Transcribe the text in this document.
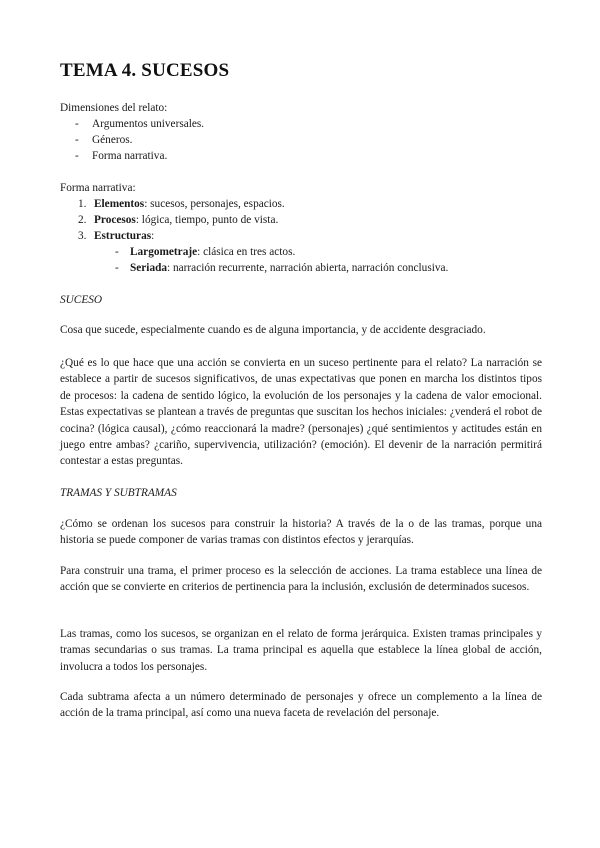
TEMA 4. SUCESOS
Dimensiones del relato:
- Argumentos universales.
- Géneros.
- Forma narrativa.
Forma narrativa:
1. Elementos: sucesos, personajes, espacios.
2. Procesos: lógica, tiempo, punto de vista.
3. Estructuras:
- Largometraje: clásica en tres actos.
- Seriada: narración recurrente, narración abierta, narración conclusiva.
SUCESO
Cosa que sucede, especialmente cuando es de alguna importancia, y de accidente desgraciado.
¿Qué es lo que hace que una acción se convierta en un suceso pertinente para el relato? La narración se establece a partir de sucesos significativos, de unas expectativas que ponen en marcha los distintos tipos de procesos: la cadena de sentido lógico, la evolución de los personajes y la cadena de valor emocional. Estas expectativas se plantean a través de preguntas que suscitan los hechos iniciales: ¿venderá el robot de cocina? (lógica causal), ¿cómo reaccionará la madre? (personajes) ¿qué sentimientos y actitudes están en juego entre ambas? ¿cariño, supervivencia, utilización? (emoción). El devenir de la narración permitirá contestar a estas preguntas.
TRAMAS Y SUBTRAMAS
¿Cómo se ordenan los sucesos para construir la historia? A través de la o de las tramas, porque una historia se puede componer de varias tramas con distintos efectos y jerarquías.
Para construir una trama, el primer proceso es la selección de acciones. La trama establece una línea de acción que se convierte en criterios de pertinencia para la inclusión, exclusión de determinados sucesos.
Las tramas, como los sucesos, se organizan en el relato de forma jerárquica. Existen tramas principales y tramas secundarias o sus tramas. La trama principal es aquella que establece la línea global de acción, involucra a todos los personajes.
Cada subtrama afecta a un número determinado de personajes y ofrece un complemento a la línea de acción de la trama principal, así como una nueva faceta de revelación del personaje.
